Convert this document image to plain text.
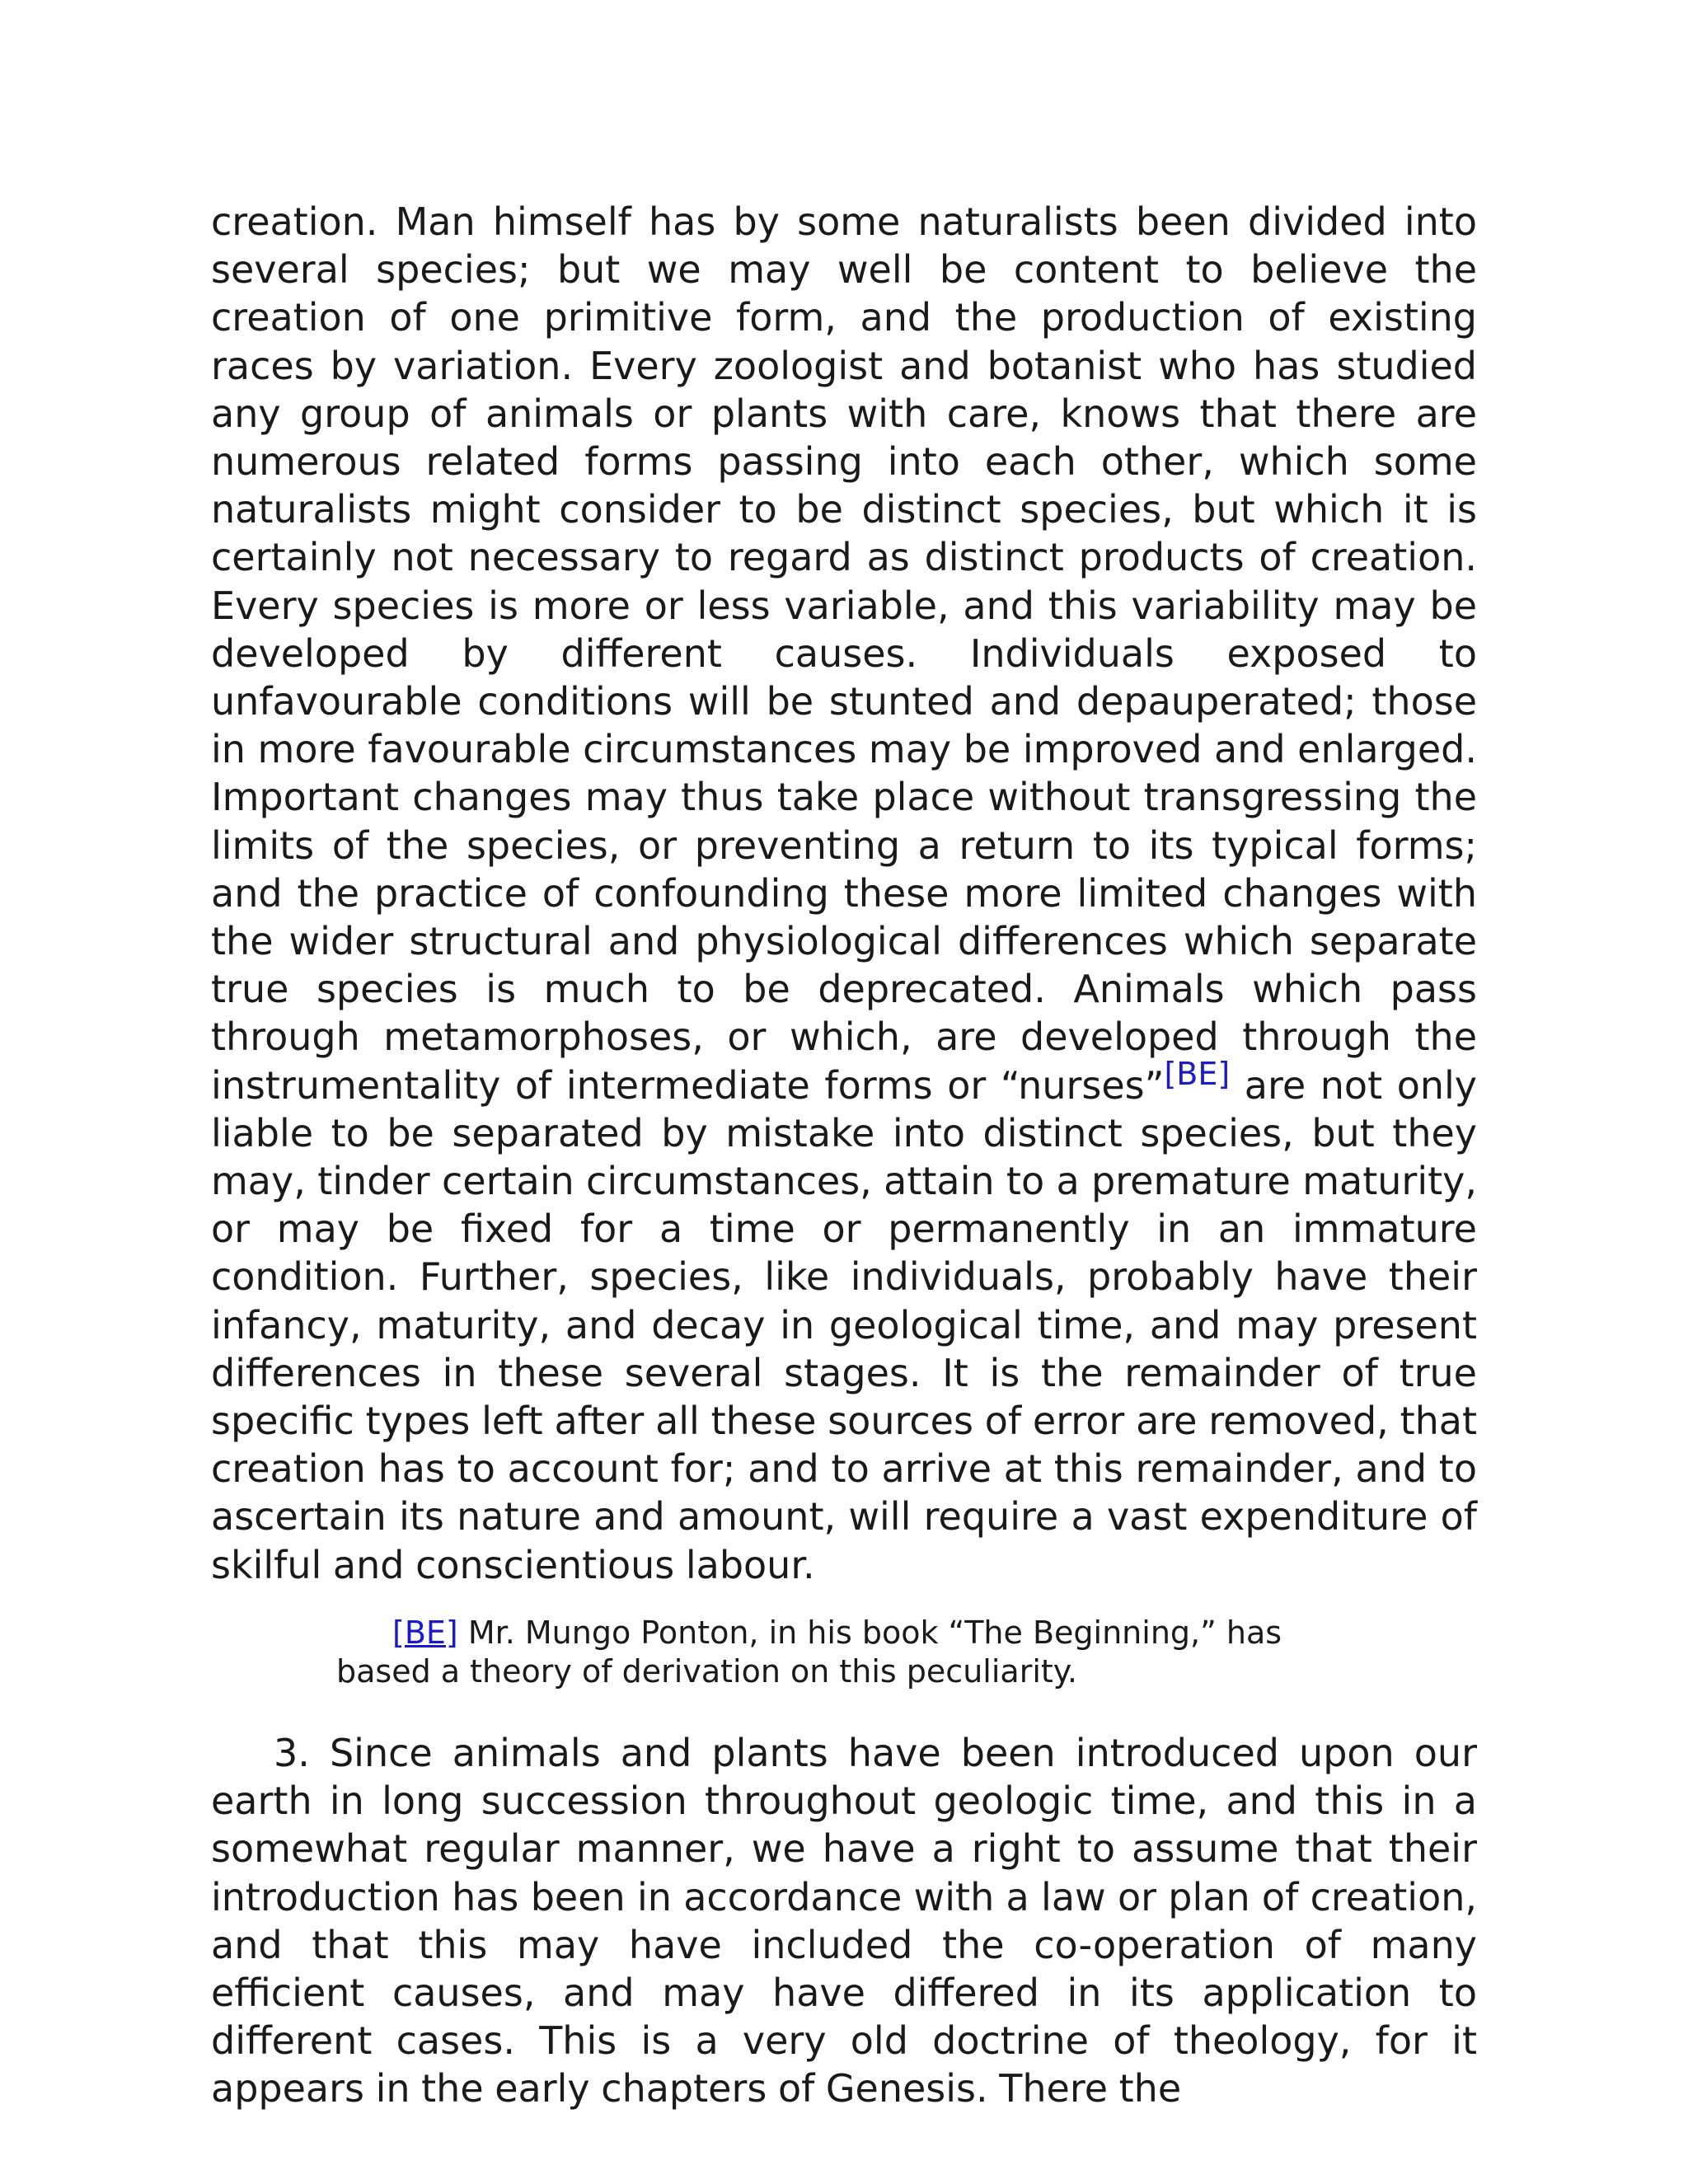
creation. Man himself has by some naturalists been divided into several species; but we may well be content to believe the creation of one primitive form, and the production of existing races by variation. Every zoologist and botanist who has studied any group of animals or plants with care, knows that there are numerous related forms passing into each other, which some naturalists might consider to be distinct species, but which it is certainly not necessary to regard as distinct products of creation. Every species is more or less variable, and this variability may be developed by different causes. Individuals exposed to unfavourable conditions will be stunted and depauperated; those in more favourable circumstances may be improved and enlarged. Important changes may thus take place without transgressing the limits of the species, or preventing a return to its typical forms; and the practice of confounding these more limited changes with the wider structural and physiological differences which separate true species is much to be deprecated. Animals which pass through metamorphoses, or which, are developed through the instrumentality of intermediate forms or “nurses”[BE] are not only liable to be separated by mistake into distinct species, but they may, tinder certain circumstances, attain to a premature maturity, or may be fixed for a time or permanently in an immature condition. Further, species, like individuals, probably have their infancy, maturity, and decay in geological time, and may present differences in these several stages. It is the remainder of true specific types left after all these sources of error are removed, that creation has to account for; and to arrive at this remainder, and to ascertain its nature and amount, will require a vast expenditure of skilful and conscientious labour.

[BE] Mr. Mungo Ponton, in his book “The Beginning,” has based a theory of derivation on this peculiarity.

3. Since animals and plants have been introduced upon our earth in long succession throughout geologic time, and this in a somewhat regular manner, we have a right to assume that their introduction has been in accordance with a law or plan of creation, and that this may have included the co-operation of many efficient causes, and may have differed in its application to different cases. This is a very old doctrine of theology, for it appears in the early chapters of Genesis. There the
